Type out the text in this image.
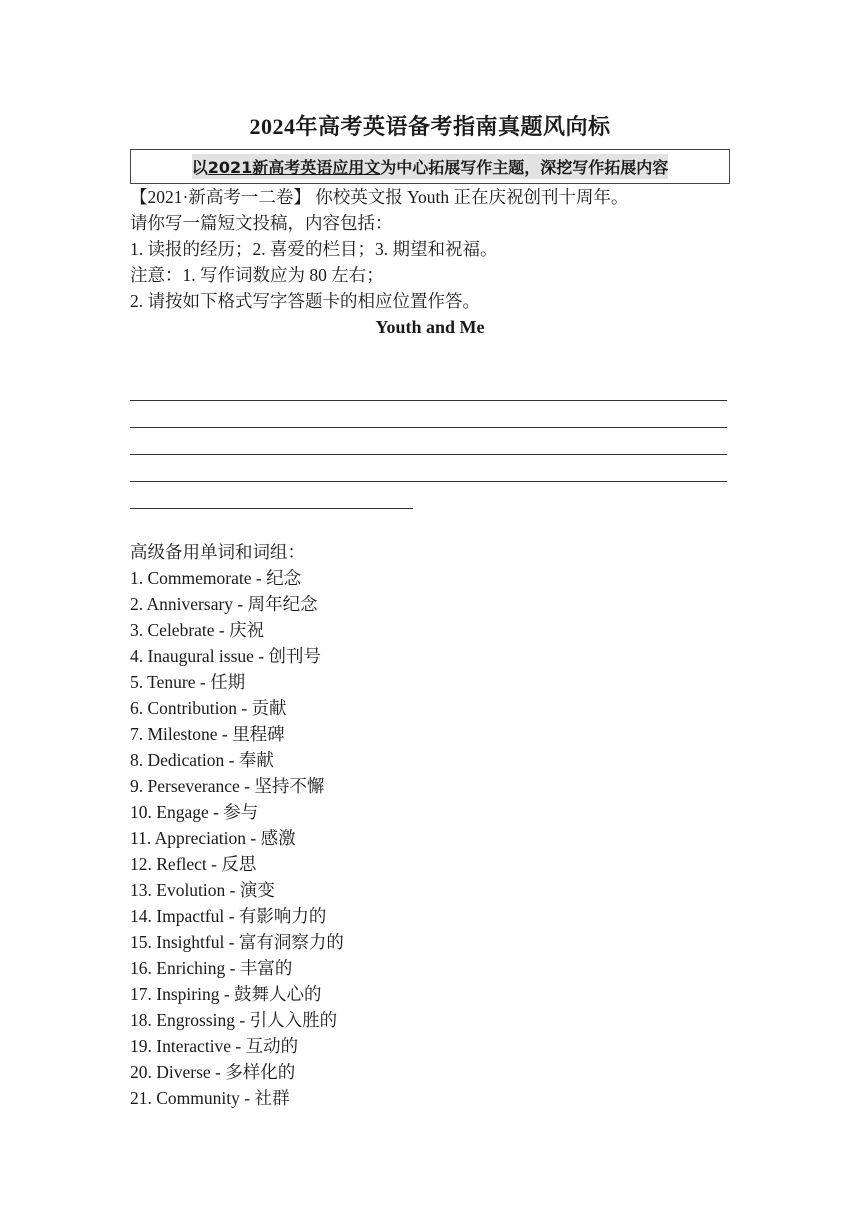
2024年高考英语备考指南真题风向标
以2021新高考英语应用文为中心拓展写作主题，深挖写作拓展内容
【2021·新高考一二卷】 你校英文报 Youth 正在庆祝创刊十周年。
请你写一篇短文投稿，内容包括：
1. 读报的经历；2. 喜爱的栏目；3. 期望和祝福。
注意：1. 写作词数应为 80 左右；
2. 请按如下格式写字答题卡的相应位置作答。
Youth and Me
高级备用单词和词组：
1. Commemorate - 纪念
2. Anniversary - 周年纪念
3. Celebrate - 庆祝
4. Inaugural issue - 创刊号
5. Tenure - 任期
6. Contribution - 贡献
7. Milestone - 里程碑
8. Dedication - 奉献
9. Perseverance - 坚持不懈
10. Engage - 参与
11. Appreciation - 感激
12. Reflect - 反思
13. Evolution - 演变
14. Impactful - 有影响力的
15. Insightful - 富有洞察力的
16. Enriching - 丰富的
17. Inspiring - 鼓舞人心的
18. Engrossing - 引人入胜的
19. Interactive - 互动的
20. Diverse - 多样化的
21. Community - 社群
